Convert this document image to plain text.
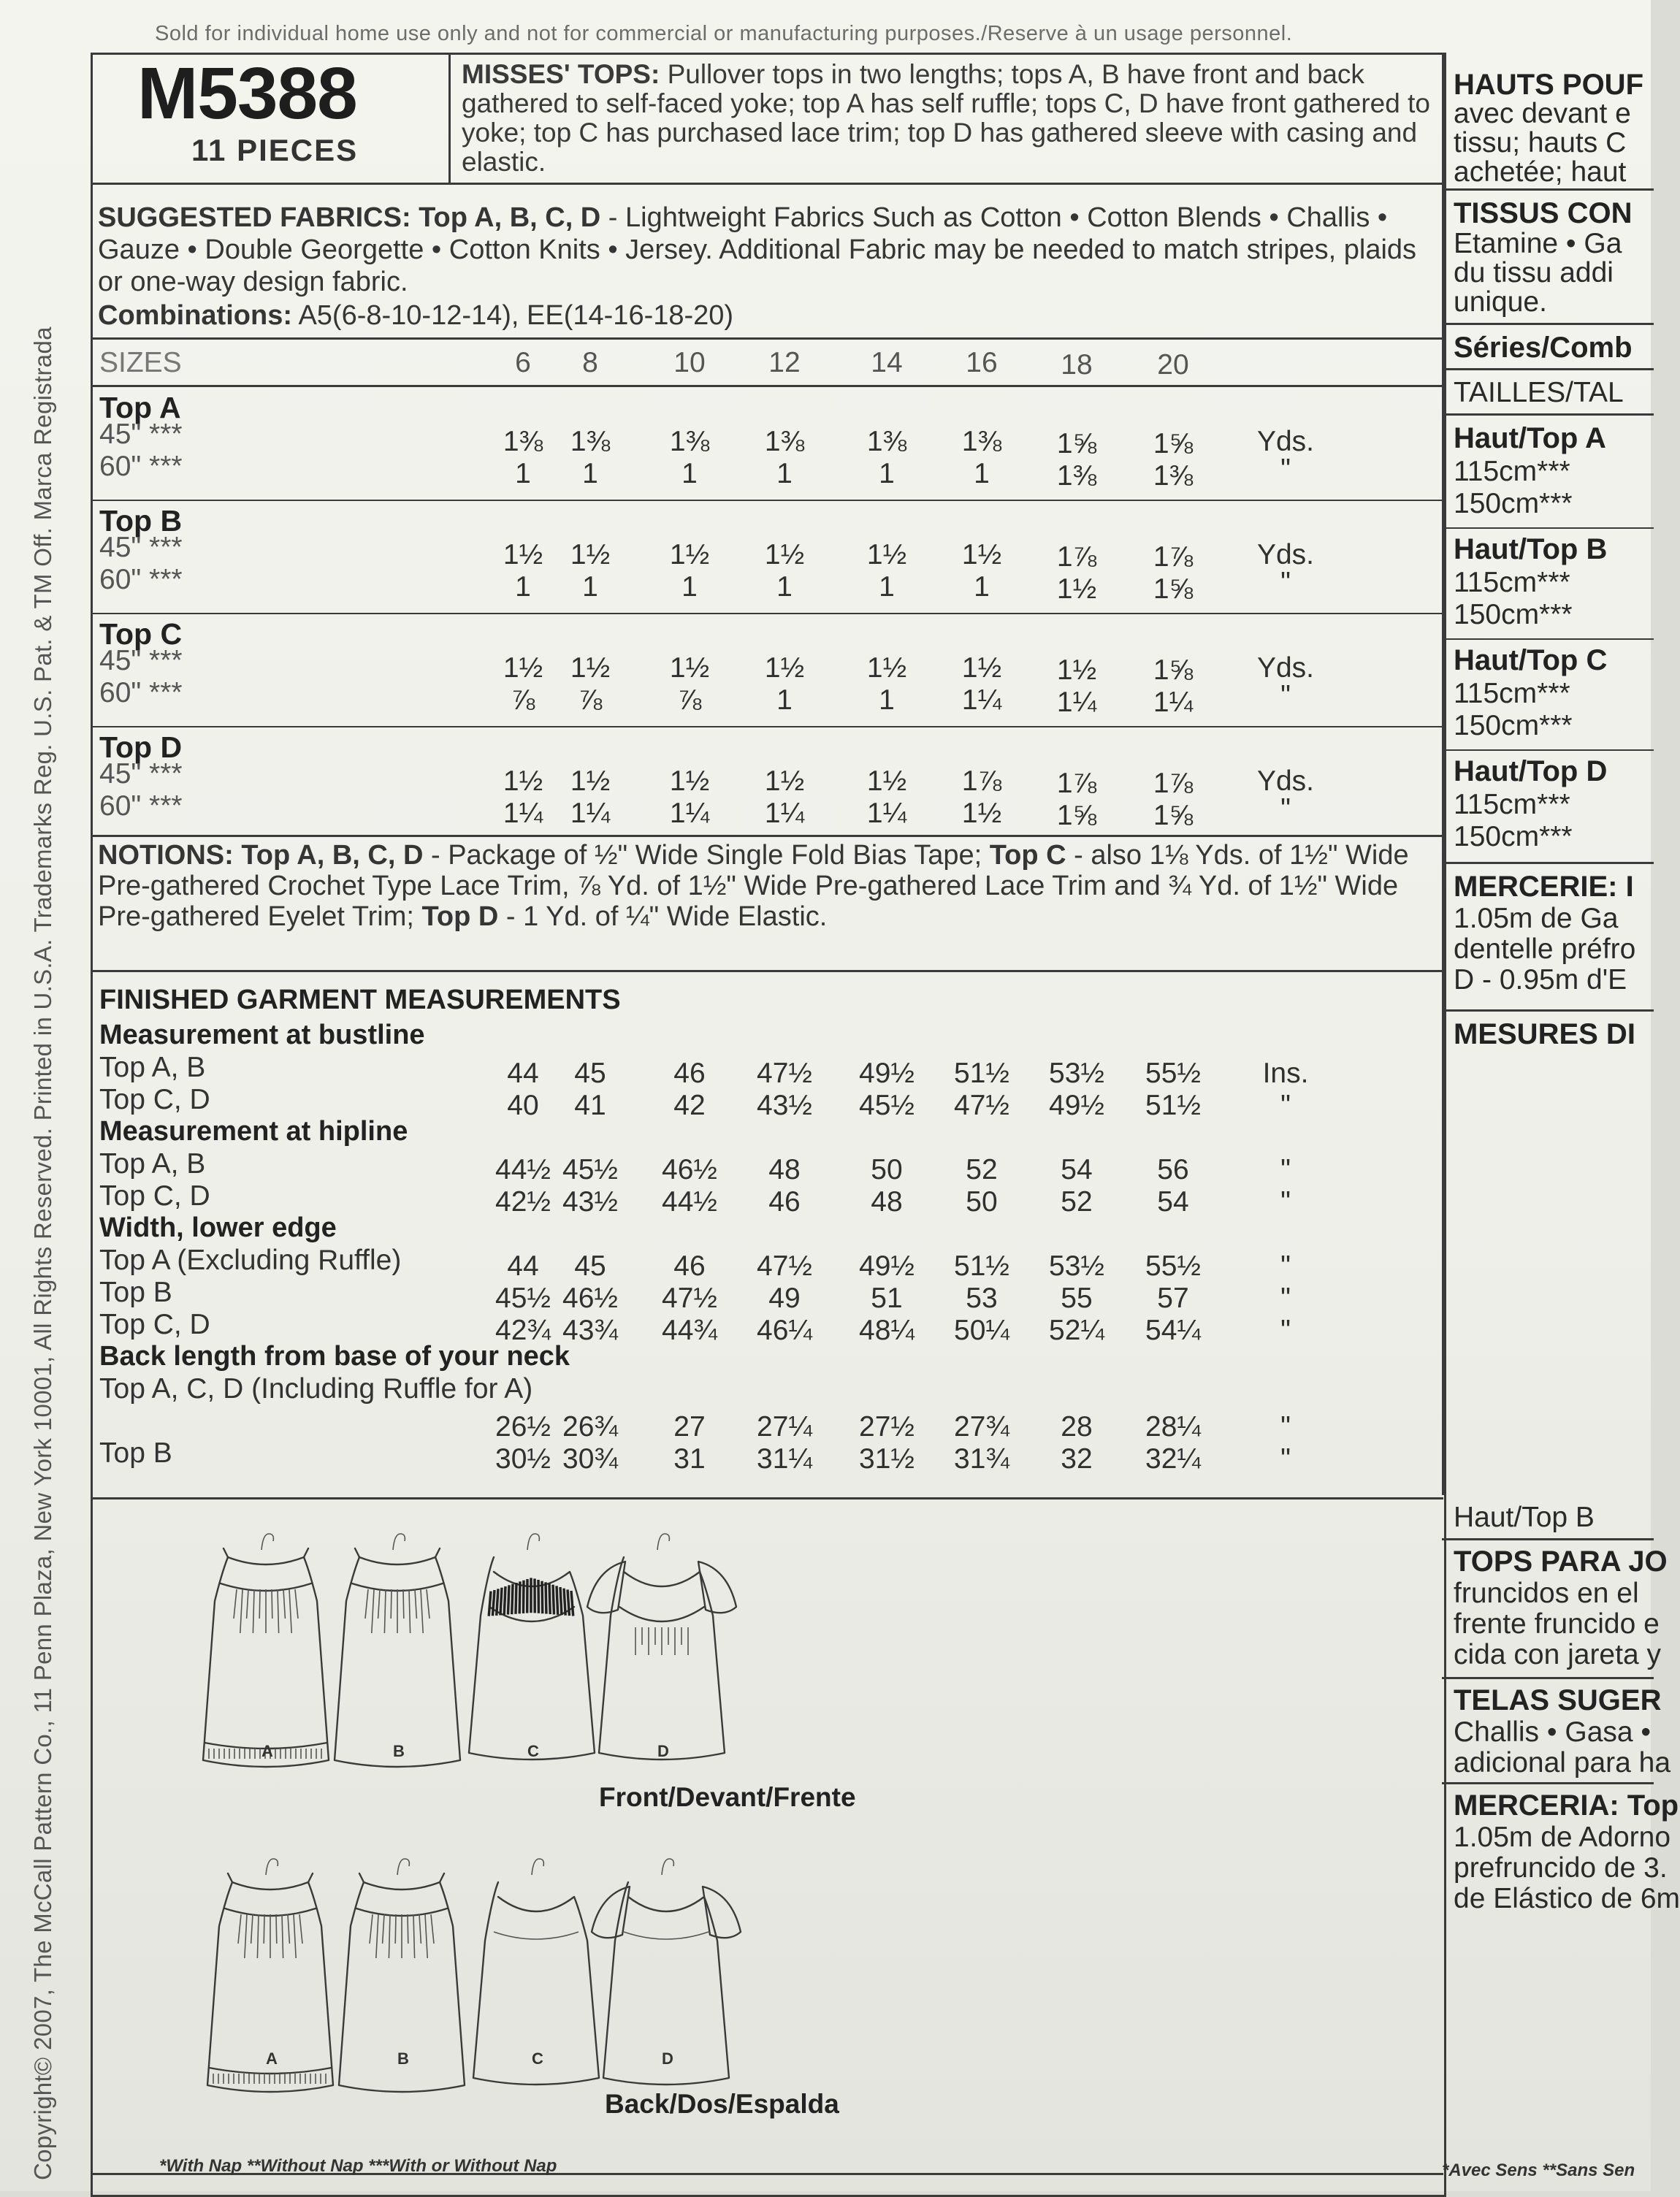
Sold for individual home use only and not for commercial or manufacturing purposes./Reserve à un usage personnel.
Copyright© 2007, The McCall Pattern Co., 11 Penn Plaza, New York 10001, All Rights Reserved. Printed in U.S.A. Trademarks Reg. U.S. Pat. & TM Off. Marca Registrada
M5388
11 PIECES
MISSES' TOPS: Pullover tops in two lengths; tops A, B have front and back gathered to self-faced yoke; top A has self ruffle; tops C, D have front gathered to yoke; top C has purchased lace trim; top D has gathered sleeve with casing and elastic.
SUGGESTED FABRICS: Top A, B, C, D - Lightweight Fabrics Such as Cotton • Cotton Blends • Challis • Gauze • Double Georgette • Cotton Knits • Jersey. Additional Fabric may be needed to match stripes, plaids or one-way design fabric.
Combinations: A5(6-8-10-12-14), EE(14-16-18-20)
SIZES	6	8	10	12	14	16	18	20
Top A
45" ***	1⅜ 1⅜	1⅜	1⅜	1⅜	1⅜	1⅝	1⅝	Yds.
60" ***	1	1	1	1	1	1	1⅜	1⅜	"
Top B
45" ***	1½ 1½	1½	1½	1½	1½	1⅞	1⅞	Yds.
60" ***	1	1	1	1	1	1	1½	1⅝	"
Top C
45" ***	1½ 1½	1½	1½	1½	1½	1½	1⅝	Yds.
60" ***	⅞	⅞	⅞	1	1	1¼	1¼	1¼	"
Top D
45" ***	1½ 1½	1½	1½	1½	1⅞	1⅞	1⅞	Yds.
60" ***	1¼ 1¼	1¼	1¼	1¼	1½	1⅝	1⅝	"
NOTIONS: Top A, B, C, D - Package of ½" Wide Single Fold Bias Tape; Top C - also 1⅛ Yds. of 1½" Wide Pre-gathered Crochet Type Lace Trim, ⅞ Yd. of 1½" Wide Pre-gathered Lace Trim and ¾ Yd. of 1½" Wide Pre-gathered Eyelet Trim; Top D - 1 Yd. of ¼" Wide Elastic.
FINISHED GARMENT MEASUREMENTS
Measurement at bustline
Top A, B	44	45	46	47½ 49½ 51½ 53½ 55½	Ins.
Top C, D	40	41	42	43½ 45½ 47½ 49½ 51½	"
Measurement at hipline
Top A, B	44½ 45½ 46½	48	50	52	54	56	"
Top C, D	42½ 43½ 44½	46	48	50	52	54	"
Width, lower edge
Top A (Excluding Ruffle)	44	45	46	47½ 49½ 51½ 53½ 55½	"
Top B	45½ 46½ 47½	49	51	53	55	57	"
Top C, D	42¾ 43¾ 44¾ 46¼ 48¼ 50¼ 52¼ 54¼	"
Back length from base of your neck
Top A, C, D (Including Ruffle for A)
26½ 26¾	27	27¼ 27½ 27¾	28	28¼	"
Top B	30½ 30¾	31	31¼ 31½ 31¾	32	32¼	"
A
A
B
B
C
C
D
D
Front/Devant/Frente
Back/Dos/Espalda
*With Nap **Without Nap ***With or Without Nap
HAUTS POUF
avec devant e
tissu; hauts C
achetée; haut
TISSUS CON
Etamine • Ga
du tissu addi
unique.
Séries/Comb
TAILLES/TAL
Haut/Top A
115cm***
150cm***
Haut/Top B
115cm***
150cm***
Haut/Top C
115cm***
150cm***
Haut/Top D
115cm***
150cm***
MERCERIE: I
1.05m de Ga
dentelle préfro
D - 0.95m d'E
MESURES DI
Haut/Top B
TOPS PARA JO
fruncidos en el
frente fruncido e
cida con jareta y
TELAS SUGER
Challis • Gasa •
adicional para ha
MERCERIA: Top
1.05m de Adorno
prefruncido de 3.
de Elástico de 6m
*Avec Sens **Sans Sen
